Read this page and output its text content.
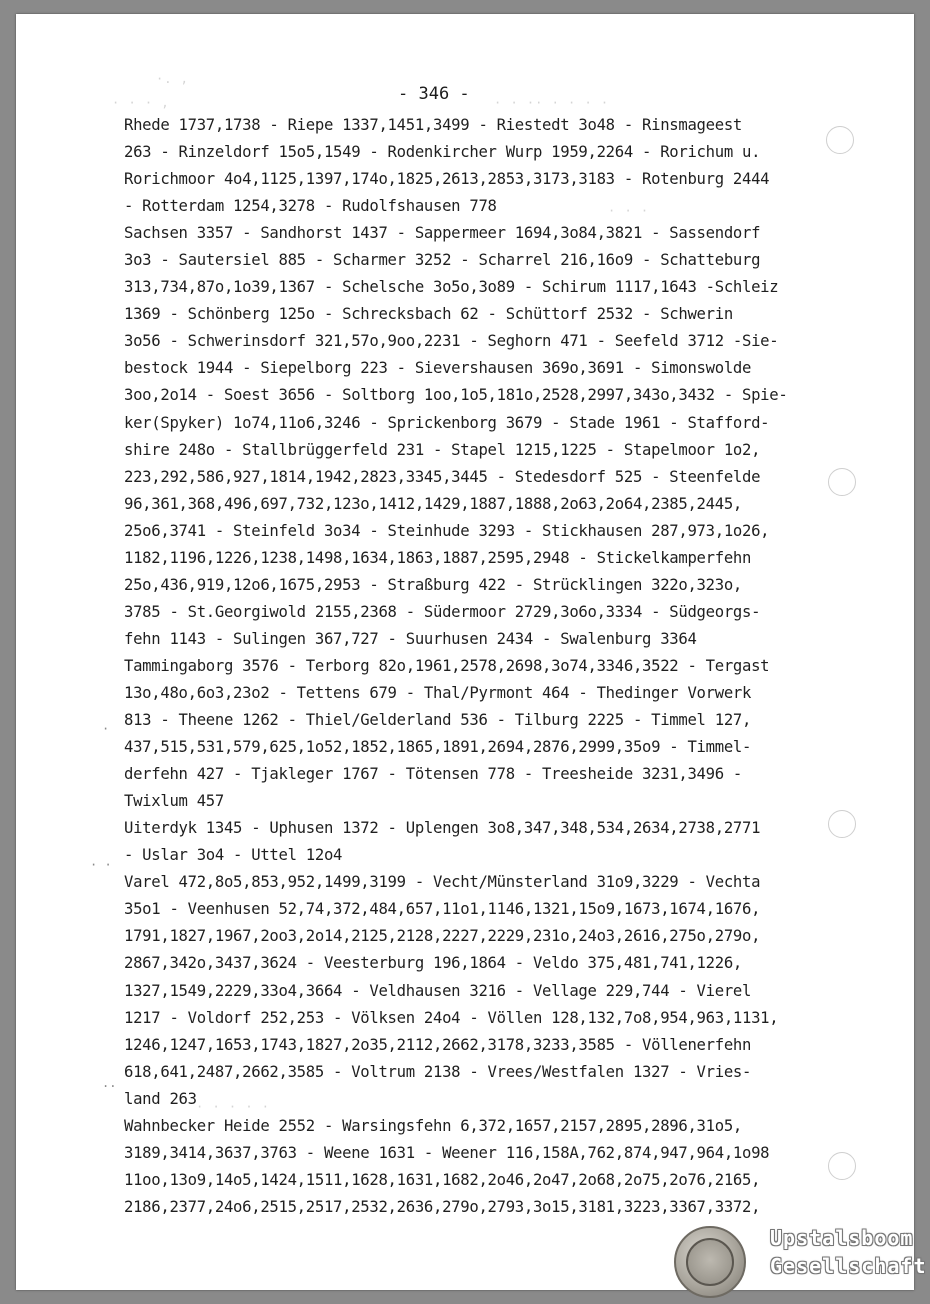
·. ,
· · · ,	· · ·· · · · ·
· · ·
· · · · ·
- 346 -
·
· ·
..
Rhede 1737,1738 - Riepe 1337,1451,3499 - Riestedt 3o48 - Rinsmageest
263 - Rinzeldorf 15o5,1549 - Rodenkircher Wurp 1959,2264 - Rorichum u.
Rorichmoor 4o4,1125,1397,174o,1825,2613,2853,3173,3183 - Rotenburg 2444
- Rotterdam 1254,3278 - Rudolfshausen 778
Sachsen 3357 - Sandhorst 1437 - Sappermeer 1694,3o84,3821 - Sassendorf
3o3 - Sautersiel 885 - Scharmer 3252 - Scharrel 216,16o9 - Schatteburg
313,734,87o,1o39,1367 - Schelsche 3o5o,3o89 - Schirum 1117,1643 -Schleiz
1369 - Schönberg 125o - Schrecksbach 62 - Schüttorf 2532 - Schwerin
3o56 - Schwerinsdorf 321,57o,9oo,2231 - Seghorn 471 - Seefeld 3712 -Sie-
bestock 1944 - Siepelborg 223 - Sievershausen 369o,3691 - Simonswolde
3oo,2o14 - Soest 3656 - Soltborg 1oo,1o5,181o,2528,2997,343o,3432 - Spie-
ker(Spyker) 1o74,11o6,3246 - Sprickenborg 3679 - Stade 1961 - Stafford-
shire 248o - Stallbrüggerfeld 231 - Stapel 1215,1225 - Stapelmoor 1o2,
223,292,586,927,1814,1942,2823,3345,3445 - Stedesdorf 525 - Steenfelde
96,361,368,496,697,732,123o,1412,1429,1887,1888,2o63,2o64,2385,2445,
25o6,3741 - Steinfeld 3o34 - Steinhude 3293 - Stickhausen 287,973,1o26,
1182,1196,1226,1238,1498,1634,1863,1887,2595,2948 - Stickelkamperfehn
25o,436,919,12o6,1675,2953 - Straßburg 422 - Strücklingen 322o,323o,
3785 - St.Georgiwold 2155,2368 - Südermoor 2729,3o6o,3334 - Südgeorgs-
fehn 1143 - Sulingen 367,727 - Suurhusen 2434 - Swalenburg 3364
Tammingaborg 3576 - Terborg 82o,1961,2578,2698,3o74,3346,3522 - Tergast
13o,48o,6o3,23o2 - Tettens 679 - Thal/Pyrmont 464 - Thedinger Vorwerk
813 - Theene 1262 - Thiel/Gelderland 536 - Tilburg 2225 - Timmel 127,
437,515,531,579,625,1o52,1852,1865,1891,2694,2876,2999,35o9 - Timmel-
derfehn 427 - Tjakleger 1767 - Tötensen 778 - Treesheide 3231,3496 -
Twixlum 457
Uiterdyk 1345 - Uphusen 1372 - Uplengen 3o8,347,348,534,2634,2738,2771
- Uslar 3o4 - Uttel 12o4
Varel 472,8o5,853,952,1499,3199 - Vecht/Münsterland 31o9,3229 - Vechta
35o1 - Veenhusen 52,74,372,484,657,11o1,1146,1321,15o9,1673,1674,1676,
1791,1827,1967,2oo3,2o14,2125,2128,2227,2229,231o,24o3,2616,275o,279o,
2867,342o,3437,3624 - Veesterburg 196,1864 - Veldo 375,481,741,1226,
1327,1549,2229,33o4,3664 - Veldhausen 3216 - Vellage 229,744 - Vierel
1217 - Voldorf 252,253 - Völksen 24o4 - Völlen 128,132,7o8,954,963,1131,
1246,1247,1653,1743,1827,2o35,2112,2662,3178,3233,3585 - Völlenerfehn
618,641,2487,2662,3585 - Voltrum 2138 - Vrees/Westfalen 1327 - Vries-
land 263
Wahnbecker Heide 2552 - Warsingsfehn 6,372,1657,2157,2895,2896,31o5,
3189,3414,3637,3763 - Weene 1631 - Weener 116,158A,762,874,947,964,1o98
11oo,13o9,14o5,1424,1511,1628,1631,1682,2o46,2o47,2o68,2o75,2o76,2165,
2186,2377,24o6,2515,2517,2532,2636,279o,2793,3o15,3181,3223,3367,3372,
Upstalsboom
Gesellschaft
